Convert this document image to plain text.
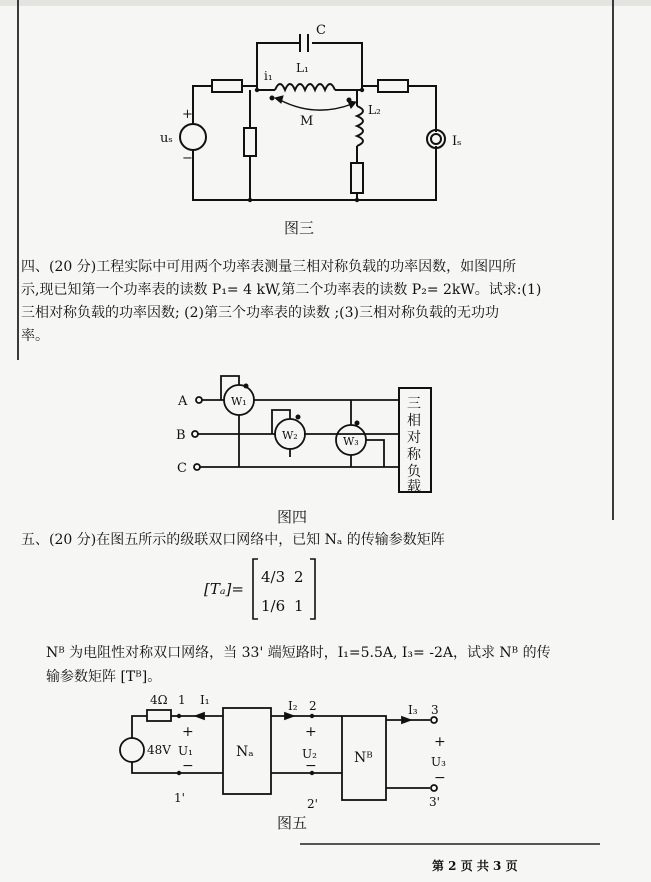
C
i₁
L₁
M
L₂
uₛ
+
−
Iₛ
图三
四、(20 分)工程实际中可用两个功率表测量三相对称负载的功率因数，如图四所
示,现已知第一个功率表的读数 P₁= 4 kW,第二个功率表的读数 P₂= 2kW。试求:(1)
三相对称负载的功率因数; (2)第三个功率表的读数 ;(3)三相对称负载的无功功
率。
A
B
C
W₁
W₂	W₃
三
相
对
称
负
载
图四
五、(20 分)在图五所示的级联双口网络中，已知 Nₐ 的传输参数矩阵
[Tₐ]=
4/3 2
1/6 1
Nᴮ 为电阻性对称双口网络，当 33' 端短路时，I₁=5.5A, I₃= -2A，试求 Nᴮ 的传
输参数矩阵 [Tᴮ]。
4Ω 1 I₁	I₂ 2	I₃ 3
48V
+
U₁
−
+
U₂
−
+
U₃
−
Nₐ	Nᴮ
1'	2'	3'
图五
第 2 页 共 3 页
